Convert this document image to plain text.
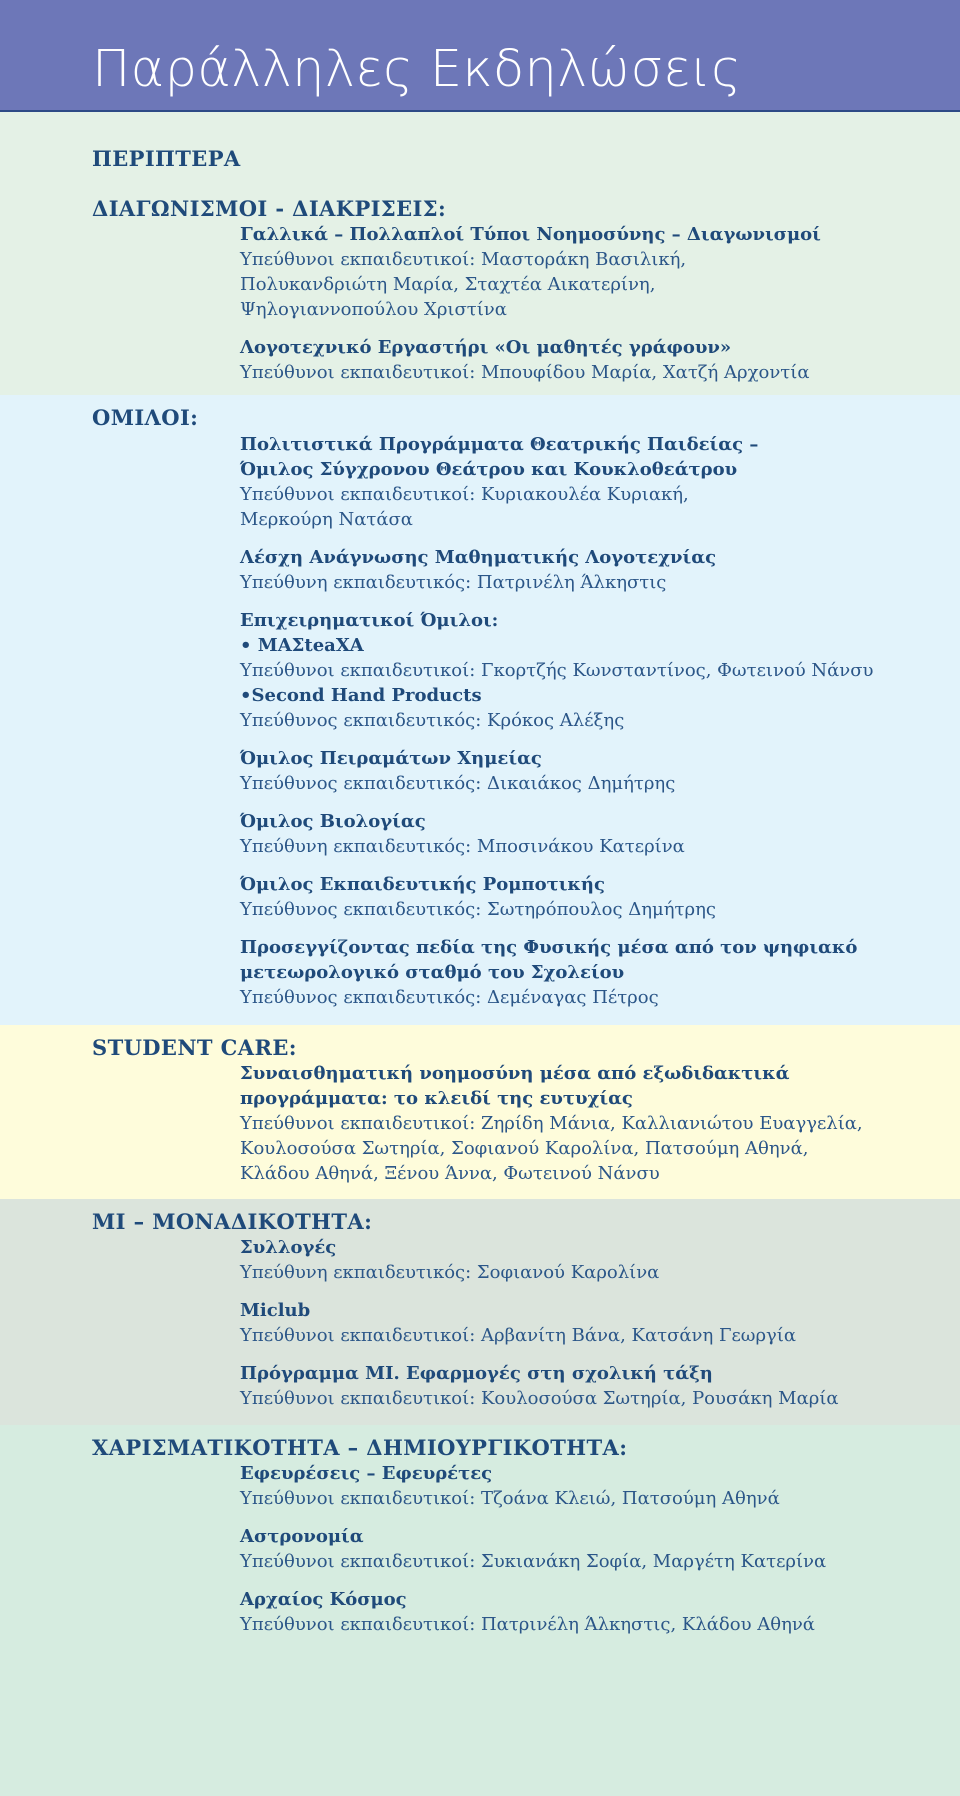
Παράλληλες Εκδηλώσεις
ΠΕΡΙΠΤΕΡΑ
ΔΙΑΓΩΝΙΣΜΟΙ - ΔΙΑΚΡΙΣΕΙΣ:
Γαλλικά – Πολλαπλοί Τύποι Νοημοσύνης – Διαγωνισμοί
Υπεύθυνοι εκπαιδευτικοί: Μαστοράκη Βασιλική,
Πολυκανδριώτη Μαρία, Σταχτέα Αικατερίνη,
Ψηλογιαννοπούλου Χριστίνα
Λογοτεχνικό Εργαστήρι «Οι μαθητές γράφουν»
Υπεύθυνοι εκπαιδευτικοί: Μπουφίδου Μαρία, Χατζή Αρχοντία
ΟΜΙΛΟΙ:
Πολιτιστικά Προγράμματα Θεατρικής Παιδείας –
Όμιλος Σύγχρονου Θεάτρου και Κουκλοθεάτρου
Υπεύθυνοι εκπαιδευτικοί: Κυριακουλέα Κυριακή,
Μερκούρη Νατάσα
Λέσχη Ανάγνωσης Μαθηματικής Λογοτεχνίας
Υπεύθυνη εκπαιδευτικός: Πατρινέλη Άλκηστις
Επιχειρηματικοί Όμιλοι:
• ΜΑΣteaΧΑ
Υπεύθυνοι εκπαιδευτικοί: Γκορτζής Κωνσταντίνος, Φωτεινού Νάνσυ
•Second Hand Products
Υπεύθυνος εκπαιδευτικός: Κρόκος Αλέξης
Όμιλος Πειραμάτων Χημείας
Υπεύθυνος εκπαιδευτικός: Δικαιάκος Δημήτρης
Όμιλος Βιολογίας
Υπεύθυνη εκπαιδευτικός: Μποσινάκου Κατερίνα
Όμιλος Εκπαιδευτικής Ρομποτικής
Υπεύθυνος εκπαιδευτικός: Σωτηρόπουλος Δημήτρης
Προσεγγίζοντας πεδία της Φυσικής μέσα από τον ψηφιακό
μετεωρολογικό σταθμό του Σχολείου
Υπεύθυνος εκπαιδευτικός: Δεμέναγας Πέτρος
STUDENT CARE:
Συναισθηματική νοημοσύνη μέσα από εξωδιδακτικά
προγράμματα: το κλειδί της ευτυχίας
Υπεύθυνοι εκπαιδευτικοί: Ζηρίδη Μάνια, Καλλιανιώτου Ευαγγελία,
Κουλοσούσα Σωτηρία, Σοφιανού Καρολίνα, Πατσούμη Αθηνά,
Κλάδου Αθηνά, Ξένου Άννα, Φωτεινού Νάνσυ
ΜΙ – ΜΟΝΑΔΙΚΟΤΗΤΑ:
Συλλογές
Υπεύθυνη εκπαιδευτικός: Σοφιανού Καρολίνα
Miclub
Υπεύθυνοι εκπαιδευτικοί: Αρβανίτη Βάνα, Κατσάνη Γεωργία
Πρόγραμμα ΜΙ. Εφαρμογές στη σχολική τάξη
Υπεύθυνοι εκπαιδευτικοί: Κουλοσούσα Σωτηρία, Ρουσάκη Μαρία
ΧΑΡΙΣΜΑΤΙΚΟΤΗΤΑ – ΔΗΜΙΟΥΡΓΙΚΟΤΗΤΑ:
Εφευρέσεις – Εφευρέτες
Υπεύθυνοι εκπαιδευτικοί: Τζοάνα Κλειώ, Πατσούμη Αθηνά
Αστρονομία
Υπεύθυνοι εκπαιδευτικοί: Συκιανάκη Σοφία, Μαργέτη Κατερίνα
Αρχαίος Κόσμος
Υπεύθυνοι εκπαιδευτικοί: Πατρινέλη Άλκηστις, Κλάδου Αθηνά
